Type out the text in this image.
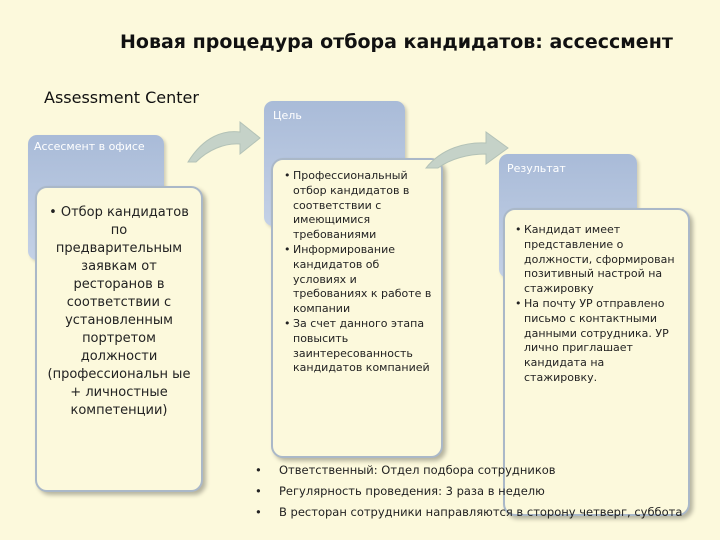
Новая процедура отбора кандидатов: ассессмент
Assessment Center
Ассесмент в офисе
• Отбор кандидатов по предварительным заявкам от ресторанов в соответствии с установленным портретом должности (профессиональн ые + личностные компетенции)
Цель
• Профессиональный отбор кандидатов в соответствии с имеющимися требованиями
• Информирование кандидатов об условиях и требованиях к работе в компании
• За счет данного этапа повысить заинтересованность кандидатов компанией
Результат
• Кандидат имеет представление о должности, сформирован позитивный настрой на стажировку
• На почту УР отправлено письмо с контактными данными сотрудника. УР лично приглашает кандидата на стажировку.
• Ответственный: Отдел подбора сотрудников
• Регулярность проведения: 3 раза в неделю
• В ресторан сотрудники направляются в сторону четверг, суббота
